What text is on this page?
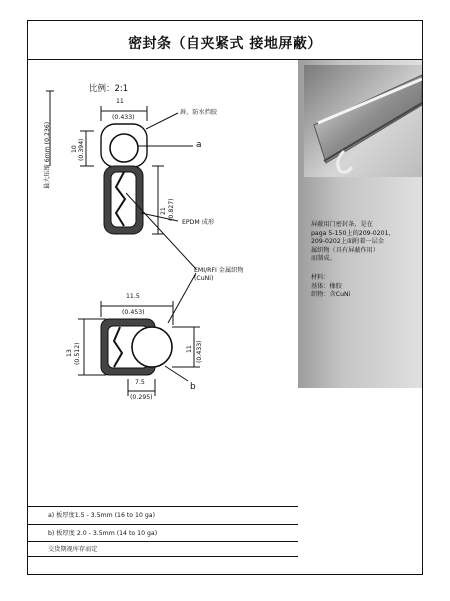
密封条（自夹紧式 接地屏蔽）
比例：2:1
11
(0.433)
唇，防水挡胶
a
EPDM 成形
21 (0.827)
10 (0.394)
最大压缩 6mm (0.236)
EMI/RFI 金属织物
(CuNi)
11.5
(0.453)
13 (0.512)	11 (0.433)
7.5
(0.295)
b

屏蔽用门密封条，是在

paga 5-150上的209-0201，

209-0202上面附着一层金

属织物（具有屏蔽作用）

而制成。

材料：

基体：橡胶

织物：含CuNi

a) 板厚度1.5 - 3.5mm (16 to 10 ga)
b) 板厚度 2.0 - 3.5mm (14 to 10 ga)
交货期视库存而定
